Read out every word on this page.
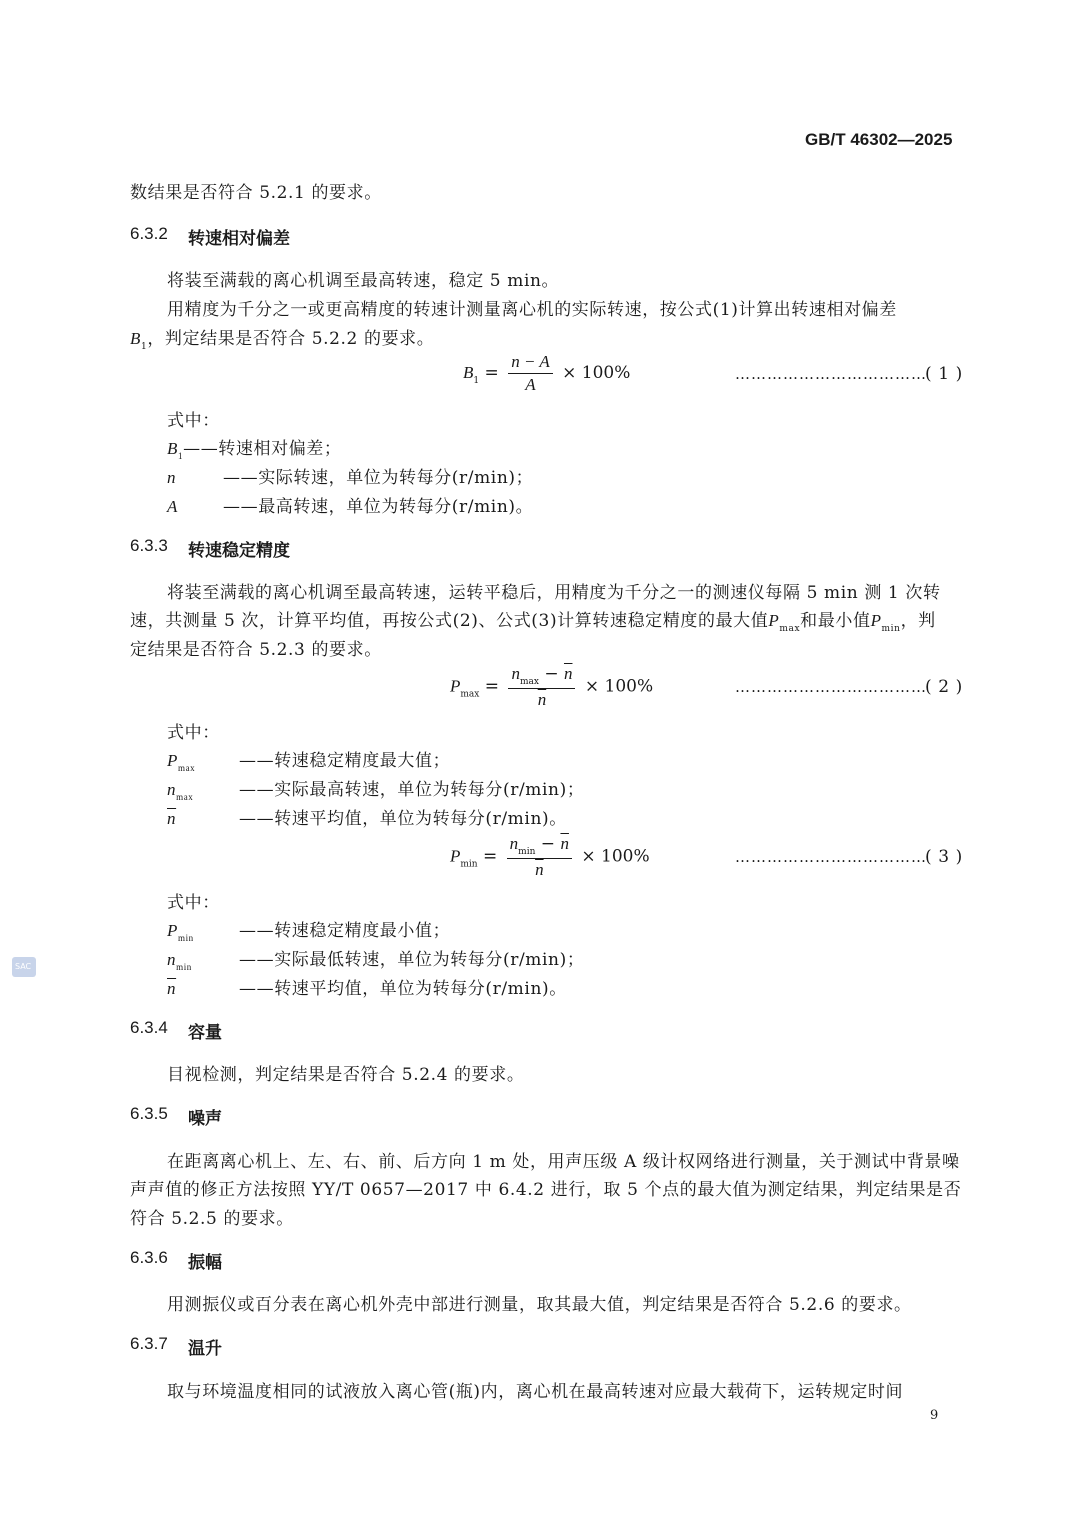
GB/T 46302—2025
数结果是否符合 5.2.1 的要求。
6.3.2 转速相对偏差
将装至满载的离心机调至最高转速，稳定 5 min。
用精度为千分之一或更高精度的转速计测量离心机的实际转速，按公式(1)计算出转速相对偏差
$B_1$，判定结果是否符合 5.2.2 的要求。
$B_1 = \frac{n - A}{A} \times 100\%$	………………………………
( 1 )
式中：
$B_1——$转速相对偏差；
n	——实际转速，单位为转每分(r/min)；
A	——最高转速，单位为转每分(r/min)。
6.3.3 转速稳定精度
将装至满载的离心机调至最高转速，运转平稳后，用精度为千分之一的测速仪每隔 5 min 测 1 次转
速，共测量 5 次，计算平均值，再按公式(2)、公式(3)计算转速稳定精度的最大值$P_{max}$和最小值$P_{min}$，判
定结果是否符合 5.2.3 的要求。
$P_{max} = \frac{n_{max} - \overline{n}}{n} \times 100\%$	………………………………
( 2 )
式中：
$P_{max}$	——转速稳定精度最大值；
$n_{max}$	——实际最高转速，单位为转每分(r/min)；
$\overline{n}$	——转速平均值，单位为转每分(r/min)。
$P_{min} = \frac{n_{min} - \overline{n}}{n} \times 100\%$	………………………………
( 3 )
式中：
$P_{min}$	——转速稳定精度最小值；
$n_{min}$	——实际最低转速，单位为转每分(r/min)；
$\overline{n}$	——转速平均值，单位为转每分(r/min)。
6.3.4 容量
目视检测，判定结果是否符合 5.2.4 的要求。
6.3.5 噪声
在距离离心机上、左、右、前、后方向 1 m 处，用声压级 A 级计权网络进行测量，关于测试中背景噪
声声值的修正方法按照 YY/T 0657—2017 中 6.4.2 进行，取 5 个点的最大值为测定结果，判定结果是否
符合 5.2.5 的要求。
6.3.6 振幅
用测振仪或百分表在离心机外壳中部进行测量，取其最大值，判定结果是否符合 5.2.6 的要求。
6.3.7 温升
取与环境温度相同的试液放入离心管(瓶)内，离心机在最高转速对应最大载荷下，运转规定时间
9
SAC
